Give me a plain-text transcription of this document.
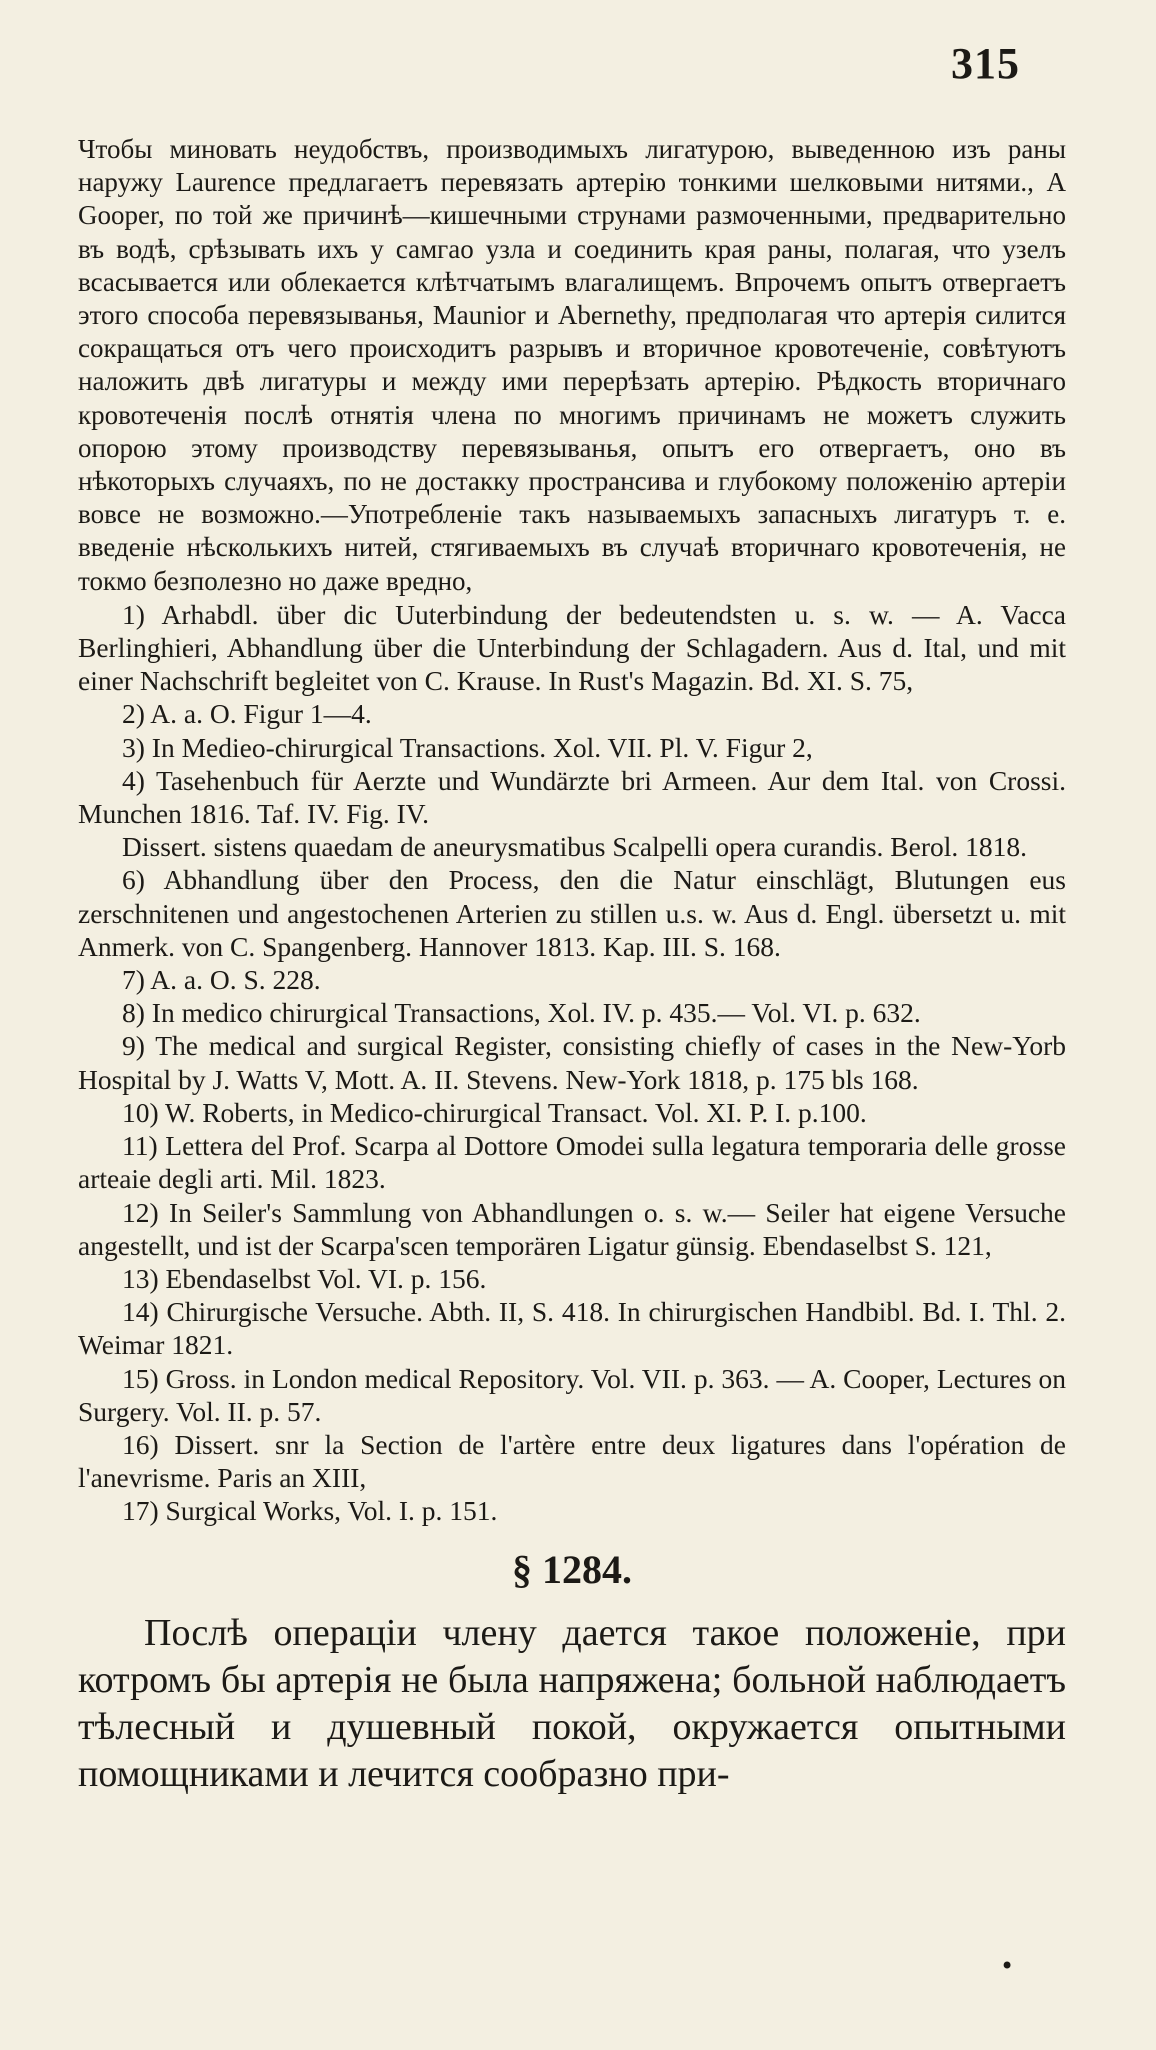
315

Чтобы миновать неудобствъ, производимыхъ лигатурою, выведенною изъ раны наружу Laurence предлагаетъ перевязать артерію тонкими шелковыми нитями., A Gooper, по той же причинѣ—кишечными струнами размоченными, предварительно въ водѣ, срѣзывать ихъ у самгао узла и соединить края раны, полагая, что узелъ всасывается или облекается клѣтчатымъ влагалищемъ. Впрочемъ опытъ отвергаетъ этого способа перевязыванья, Maunior и Abernethy, предполагая что артерія силится сокращаться отъ чего происходитъ разрывъ и вторичное кровотеченіе, совѣтуютъ наложить двѣ лигатуры и между ими перерѣзать артерію. Рѣдкость вторичнаго кровотеченія послѣ отнятія члена по многимъ причинамъ не можетъ служить опорою этому производству перевязыванья, опытъ его отвергаетъ, оно въ нѣкоторыхъ случаяхъ, по не достакку пространсива и глубокому положенію артеріи вовсе не возможно.—Употребленіе такъ называемыхъ запасныхъ лигатуръ т. е. введеніе нѣсколькихъ нитей, стягиваемыхъ въ случаѣ вторичнаго кровотеченія, не токмо безполезно но даже вредно,

1) Arhabdl. über dic Uuterbindung der bedeutendsten u. s. w. — A. Vacca Berlinghieri, Abhandlung über die Unterbindung der Schlagadern. Aus d. Ital, und mit einer Nachschrift begleitet von C. Krause. In Rust's Magazin. Bd. XI. S. 75,

2) A. a. O. Figur 1—4.

3) In Medieo-chirurgical Transactions. Xol. VII. Pl. V. Figur 2,

4) Tasehenbuch für Aerzte und Wundärzte bri Armeen. Aur dem Ital. von Crossi. Munchen 1816. Taf. IV. Fig. IV.

Dissert. sistens quaedam de aneurysmatibus Scalpelli opera curandis. Berol. 1818.

6) Abhandlung über den Process, den die Natur einschlägt, Blutungen eus zerschnitenen und angestochenen Arterien zu stillen u.s. w. Aus d. Engl. übersetzt u. mit Anmerk. von C. Spangenberg. Hannover 1813. Kap. III. S. 168.

7) A. a. O. S. 228.

8) In medico chirurgical Transactions, Xol. IV. p. 435.— Vol. VI. p. 632.

9) The medical and surgical Register, consisting chiefly of cases in the New-Yorb Hospital by J. Watts V, Mott. A. II. Stevens. New-York 1818, p. 175 bls 168.

10) W. Roberts, in Medico-chirurgical Transact. Vol. XI. P. I. p.100.

11) Lettera del Prof. Scarpa al Dottore Omodei sulla legatura temporaria delle grosse arteaie degli arti. Mil. 1823.

12) In Seiler's Sammlung von Abhandlungen o. s. w.— Seiler hat eigene Versuche angestellt, und ist der Scarpa'scen temporären Ligatur günsig. Ebendaselbst S. 121,

13) Ebendaselbst Vol. VI. p. 156.

14) Chirurgische Versuche. Abth. II, S. 418. In chirurgischen Handbibl. Bd. I. Thl. 2. Weimar 1821.

15) Gross. in London medical Repository. Vol. VII. p. 363. — A. Cooper, Lectures on Surgery. Vol. II. p. 57.

16) Dissert. snr la Section de l'artère entre deux ligatures dans l'opération de l'anevrisme. Paris an XIII,

17) Surgical Works, Vol. I. p. 151.

§ 1284.

Послѣ операціи члену дается такое положеніе, при котромъ бы артерія не была напряжена; больной наблюдаетъ тѣлесный и душевный покой, окружается опытными помощниками и лечится сообразно при-

•
